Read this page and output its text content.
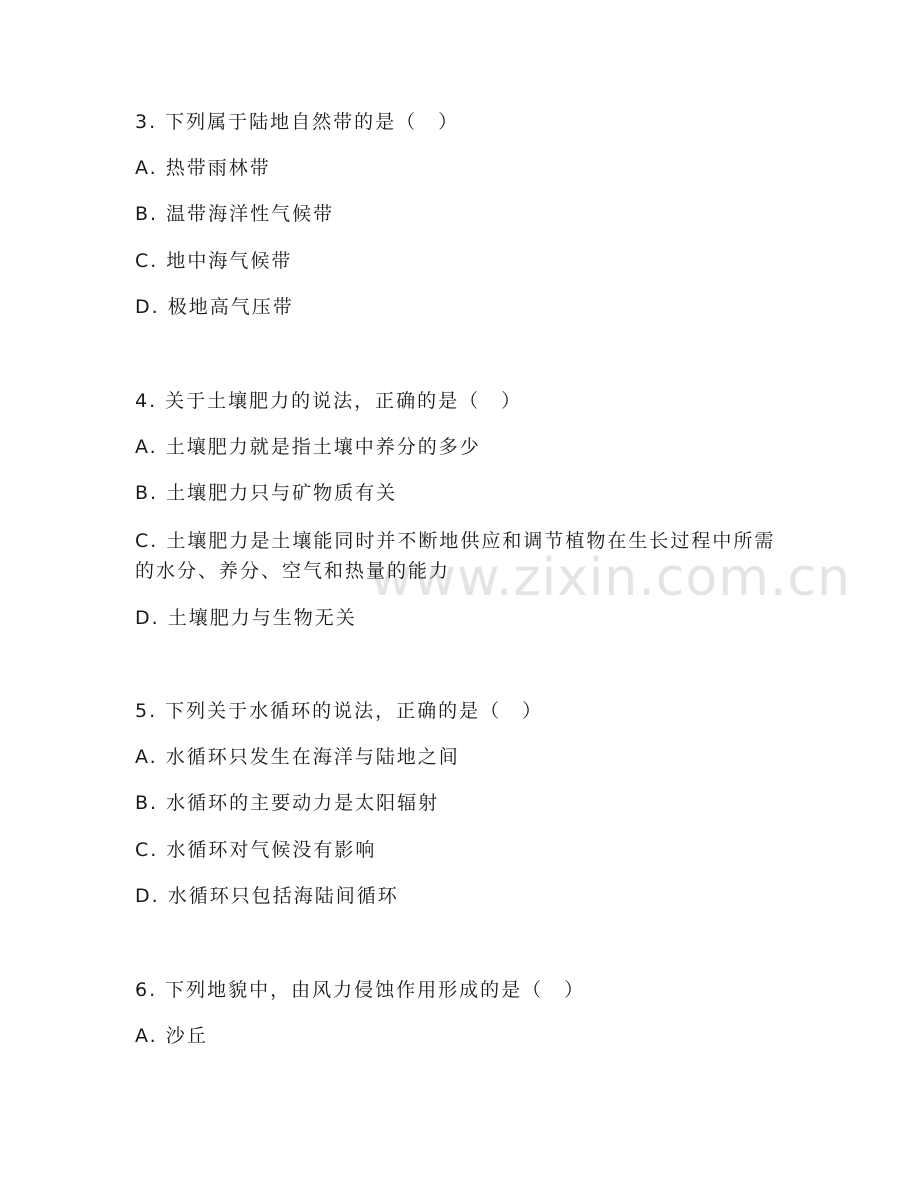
www.zixin.com.cn
3. 下列属于陆地自然带的是（　）
A. 热带雨林带
B. 温带海洋性气候带
C. 地中海气候带
D. 极地高气压带
4. 关于土壤肥力的说法，正确的是（　）
A. 土壤肥力就是指土壤中养分的多少
B. 土壤肥力只与矿物质有关
C. 土壤肥力是土壤能同时并不断地供应和调节植物在生长过程中所需
的水分、养分、空气和热量的能力
D. 土壤肥力与生物无关
5. 下列关于水循环的说法，正确的是（　）
A. 水循环只发生在海洋与陆地之间
B. 水循环的主要动力是太阳辐射
C. 水循环对气候没有影响
D. 水循环只包括海陆间循环
6. 下列地貌中，由风力侵蚀作用形成的是（　）
A. 沙丘
